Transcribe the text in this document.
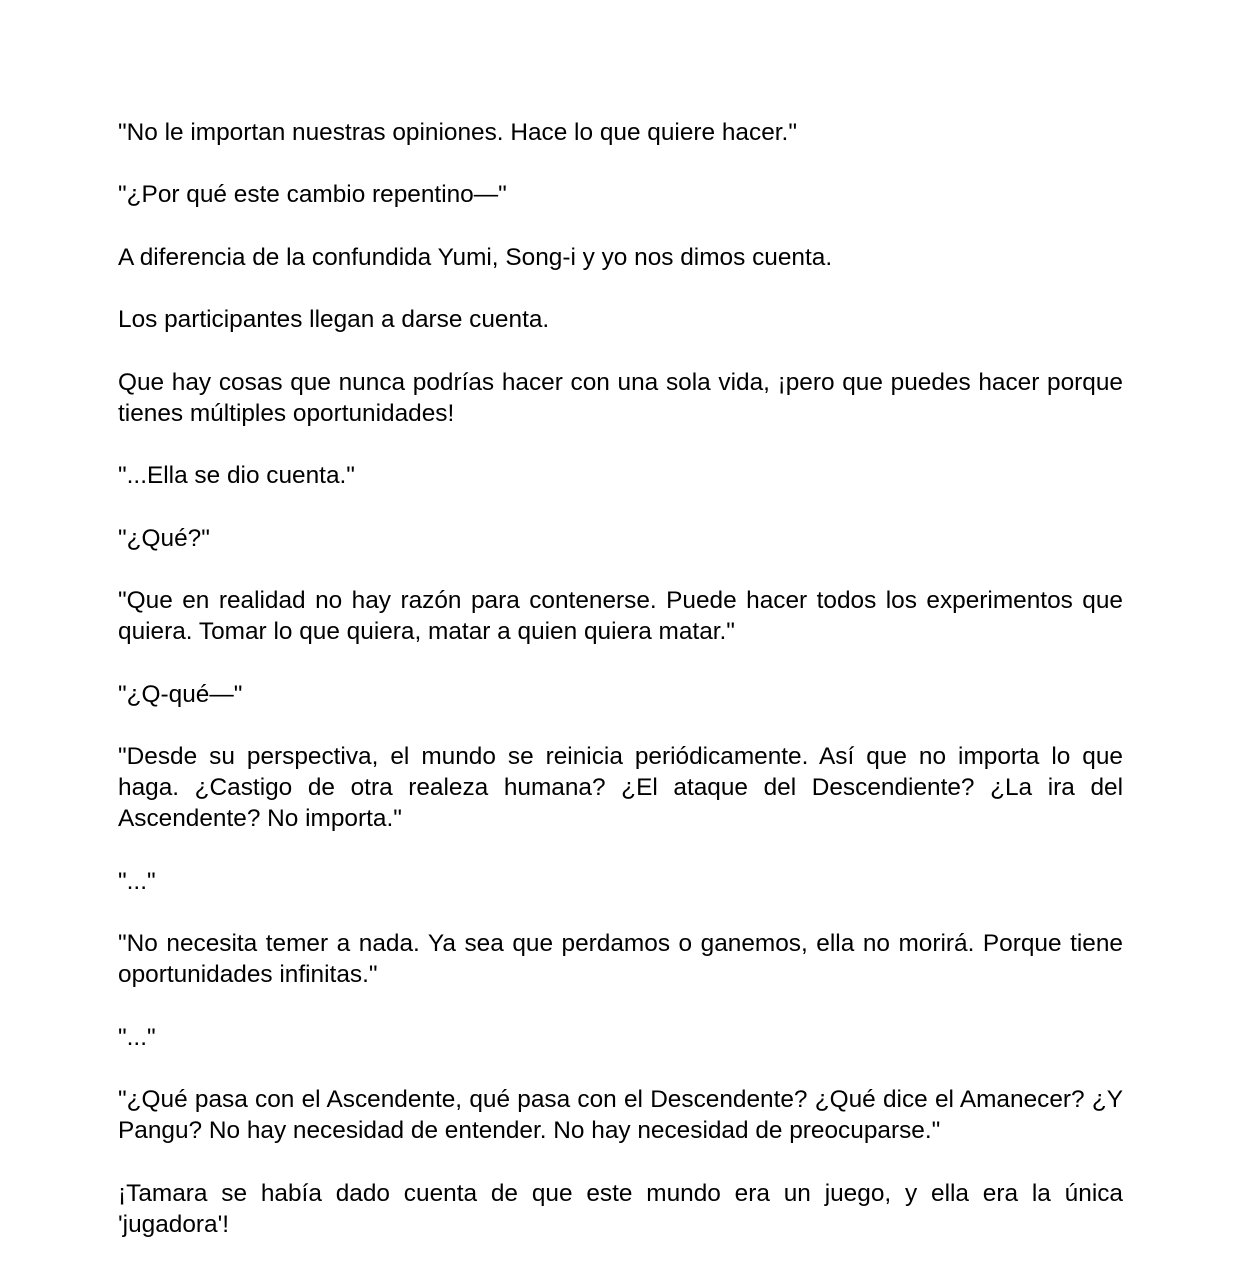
"No le importan nuestras opiniones. Hace lo que quiere hacer."

"¿Por qué este cambio repentino—"

A diferencia de la confundida Yumi, Song-i y yo nos dimos cuenta.

Los participantes llegan a darse cuenta.

Que hay cosas que nunca podrías hacer con una sola vida, ¡pero que puedes hacer porque tienes múltiples oportunidades!

"...Ella se dio cuenta."

"¿Qué?"

"Que en realidad no hay razón para contenerse. Puede hacer todos los experimentos que quiera. Tomar lo que quiera, matar a quien quiera matar."

"¿Q-qué—"

"Desde su perspectiva, el mundo se reinicia periódicamente. Así que no importa lo que haga. ¿Castigo de otra realeza humana? ¿El ataque del Descendiente? ¿La ira del Ascendente? No importa."

"..."

"No necesita temer a nada. Ya sea que perdamos o ganemos, ella no morirá. Porque tiene oportunidades infinitas."

"..."

"¿Qué pasa con el Ascendente, qué pasa con el Descendente? ¿Qué dice el Amanecer? ¿Y Pangu? No hay necesidad de entender. No hay necesidad de preocuparse."

¡Tamara se había dado cuenta de que este mundo era un juego, y ella era la única 'jugadora'!
